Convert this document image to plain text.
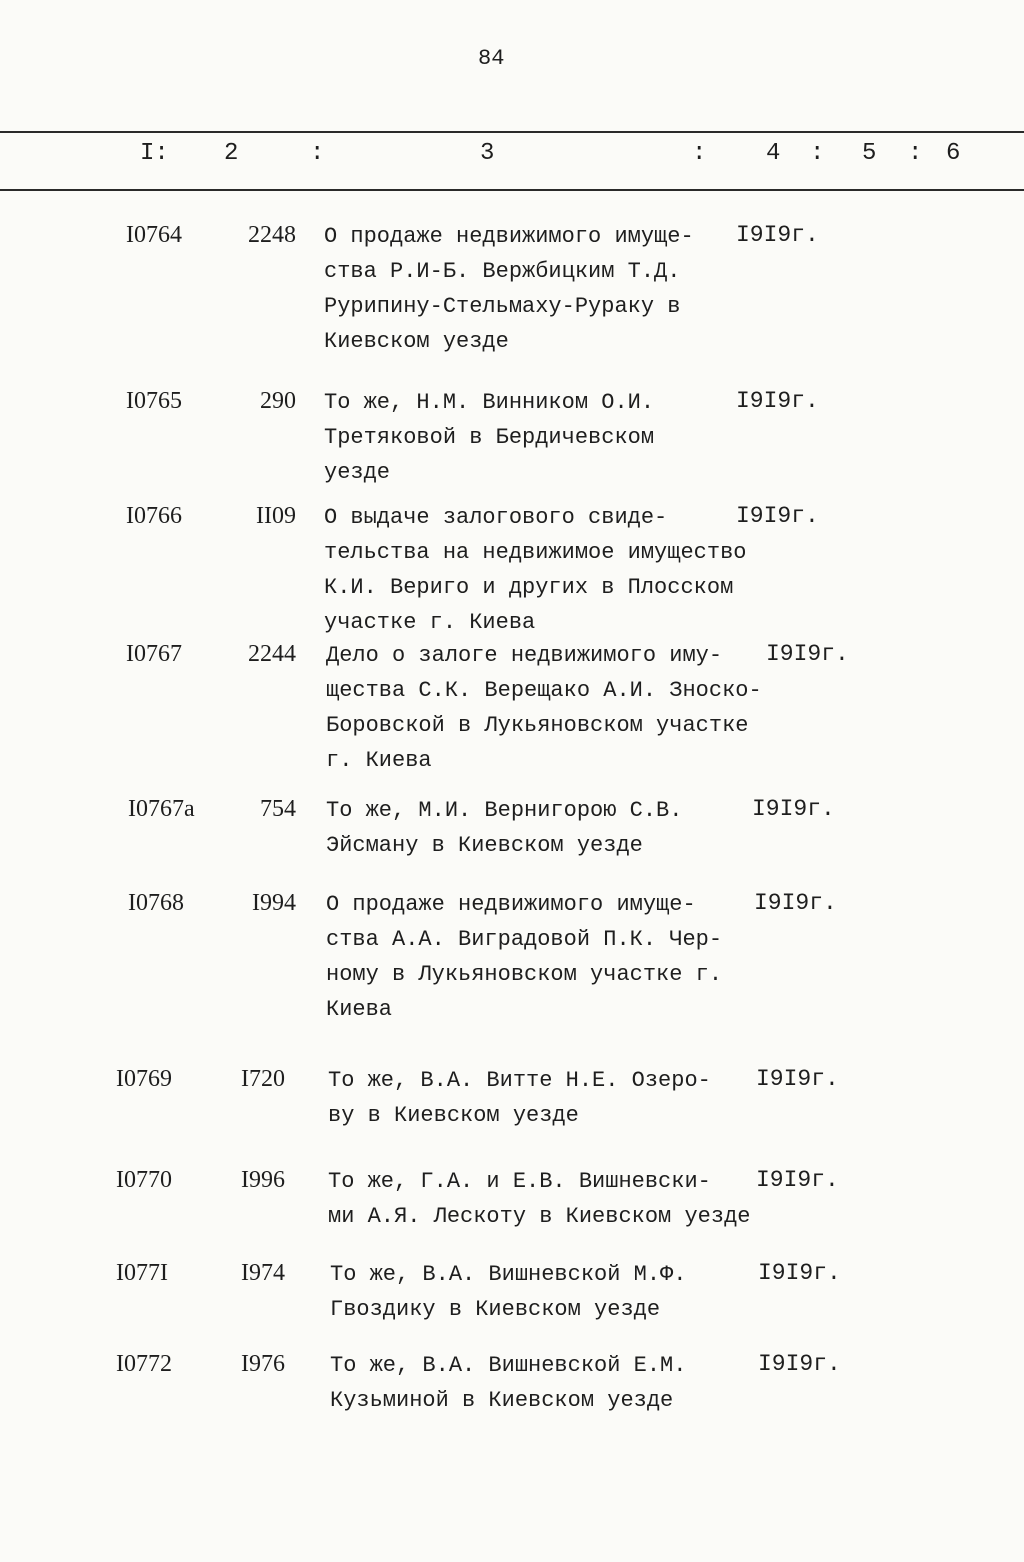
84
I: 2	:	3	: 4 : 5 : 6
I0764	2248 О продаже недвижимого имуще-
ства Р.И-Б. Вержбицким Т.Д.
Рурипину-Стельмаху-Рураку в
Киевском уезде
I9I9г.
I0765	290 То же, Н.М. Винником О.И.
Третяковой в Бердичевском
уезде
I9I9г.
I0766	II09 О выдаче залогового свиде-
тельства на недвижимое имущество
К.И. Вериго и других в Плосском
участке г. Киева
I9I9г.
I0767	2244 Дело о залоге недвижимого иму-
щества С.К. Верещако А.И. Зноско-
Боровской в Лукьяновском участке
г. Киева
I9I9г.
I0767а	754 То же, М.И. Вернигорою С.В.
Эйсману в Киевском уезде
I9I9г.
I0768	I994 О продаже недвижимого имуще-
ства А.А. Виградовой П.К. Чер-
ному в Лукьяновском участке г.
Киева
I9I9г.
I0769	I720 То же, В.А. Витте Н.Е. Озеро-
ву в Киевском уезде
I9I9г.
I0770	I996 То же, Г.А. и Е.В. Вишневски-
ми А.Я. Лескоту в Киевском уезде
I9I9г.
I077I	I974 То же, В.А. Вишневской М.Ф.
Гвоздику в Киевском уезде
I9I9г.
I0772	I976 То же, В.А. Вишневской Е.М.
Кузьминой в Киевском уезде
I9I9г.
